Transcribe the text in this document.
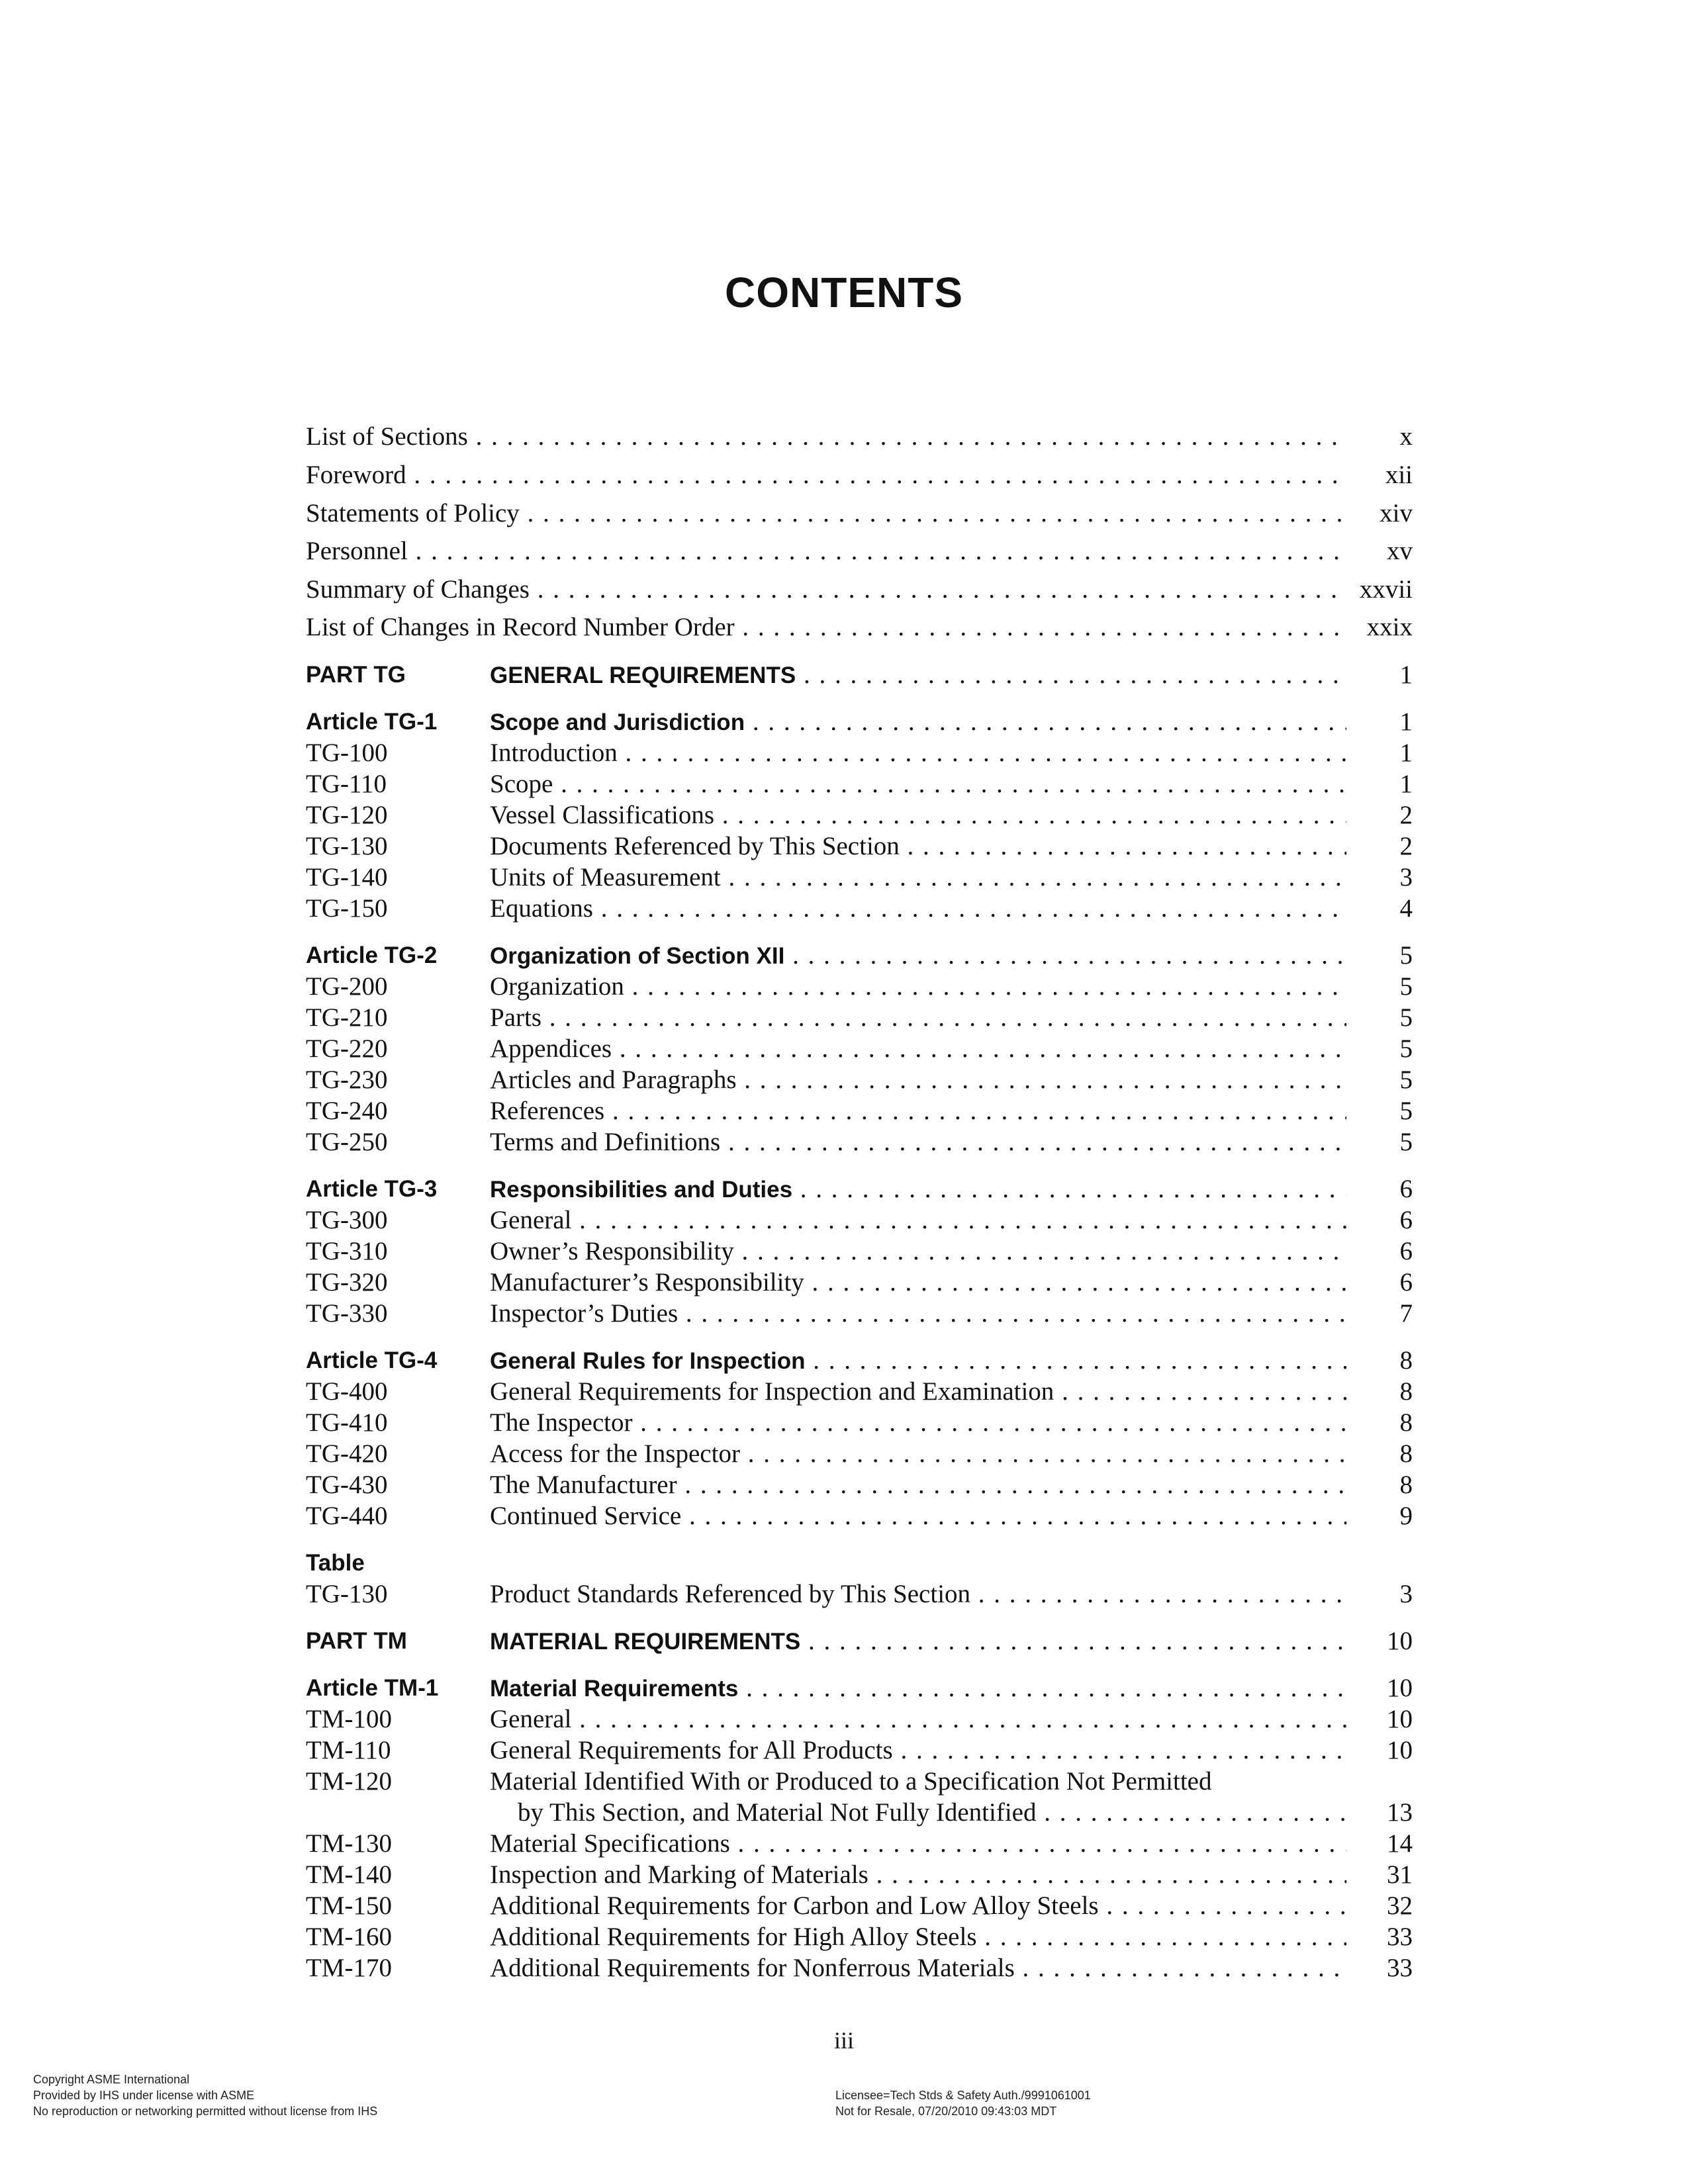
CONTENTS
List of Sections . . .	x
Foreword . . .	xii
Statements of Policy . . .	xiv
Personnel . . .	xv
Summary of Changes . . .	xxvii
List of Changes in Record Number Order . . .	xxix
PART TG	GENERAL REQUIREMENTS . . .	1
Article TG-1 Scope and Jurisdiction . . .	1
TG-100	Introduction . . .	1
TG-110	Scope . . .	1
TG-120	Vessel Classifications . . .	2
TG-130	Documents Referenced by This Section . . .	2
TG-140	Units of Measurement . . .	3
TG-150	Equations . . .	4
Article TG-2 Organization of Section XII . . .	5
TG-200	Organization . . .	5
TG-210	Parts . . .	5
TG-220	Appendices . . .	5
TG-230	Articles and Paragraphs . . .	5
TG-240	References . . .	5
TG-250	Terms and Definitions . . .	5
Article TG-3 Responsibilities and Duties . . .	6
TG-300	General . . .	6
TG-310	Owner’s Responsibility . . .	6
TG-320	Manufacturer’s Responsibility . . .	6
TG-330	Inspector’s Duties . . .	7
Article TG-4 General Rules for Inspection . . .	8
TG-400	General Requirements for Inspection and Examination . . .	8
TG-410	The Inspector . . .	8
TG-420	Access for the Inspector . . .	8
TG-430	The Manufacturer . . .	8
TG-440	Continued Service . . .	9
Table
TG-130	Product Standards Referenced by This Section . . .	3
PART TM	MATERIAL REQUIREMENTS . . .	10
Article TM-1 Material Requirements . . .	10
TM-100	General . . .	10
TM-110	General Requirements for All Products . . .	10
TM-120	Material Identified With or Produced to a Specification Not Permitted
by This Section, and Material Not Fully Identified . . .	13
TM-130	Material Specifications . . .	14
TM-140	Inspection and Marking of Materials . . .	31
TM-150	Additional Requirements for Carbon and Low Alloy Steels . . .	32
TM-160	Additional Requirements for High Alloy Steels . . .	33
TM-170	Additional Requirements for Nonferrous Materials . . .	33
iii
Copyright ASME International
Provided by IHS under license with ASME
No reproduction or networking permitted without license from IHS
Licensee=Tech Stds & Safety Auth./9991061001
Not for Resale, 07/20/2010 09:43:03 MDT
